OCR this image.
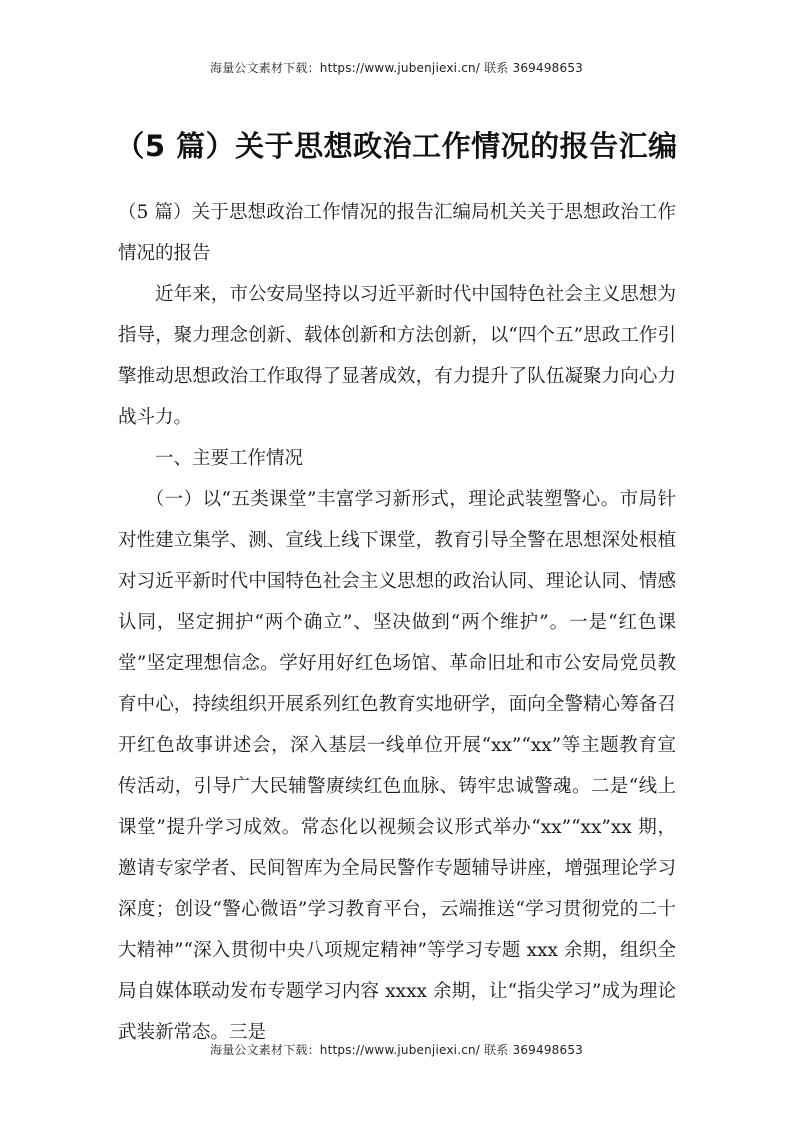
海量公文素材下载：https://www.jubenjiexi.cn/ 联系 369498653
（5 篇）关于思想政治工作情况的报告汇编

（5 篇）关于思想政治工作情况的报告汇编局机关关于思想政治工作情况的报告

近年来，市公安局坚持以习近平新时代中国特色社会主义思想为指导，聚力理念创新、载体创新和方法创新，以“四个五”思政工作引擎推动思想政治工作取得了显著成效，有力提升了队伍凝聚力向心力战斗力。

一、主要工作情况

（一）以“五类课堂”丰富学习新形式，理论武装塑警心。市局针对性建立集学、测、宣线上线下课堂，教育引导全警在思想深处根植对习近平新时代中国特色社会主义思想的政治认同、理论认同、情感认同，坚定拥护“两个确立”、坚决做到“两个维护”。一是“红色课堂”坚定理想信念。学好用好红色场馆、革命旧址和市公安局党员教育中心，持续组织开展系列红色教育实地研学，面向全警精心筹备召开红色故事讲述会，深入基层一线单位开展“xx”“xx”等主题教育宣传活动，引导广大民辅警赓续红色血脉、铸牢忠诚警魂。二是“线上课堂”提升学习成效。常态化以视频会议形式举办“xx”“xx”xx 期，邀请专家学者、民间智库为全局民警作专题辅导讲座，增强理论学习深度；创设“警心微语”学习教育平台，云端推送“学习贯彻党的二十大精神”“深入贯彻中央八项规定精神”等学习专题 xxx 余期，组织全局自媒体联动发布专题学习内容 xxxx 余期，让“指尖学习”成为理论武装新常态。三是

海量公文素材下载：https://www.jubenjiexi.cn/ 联系 369498653
